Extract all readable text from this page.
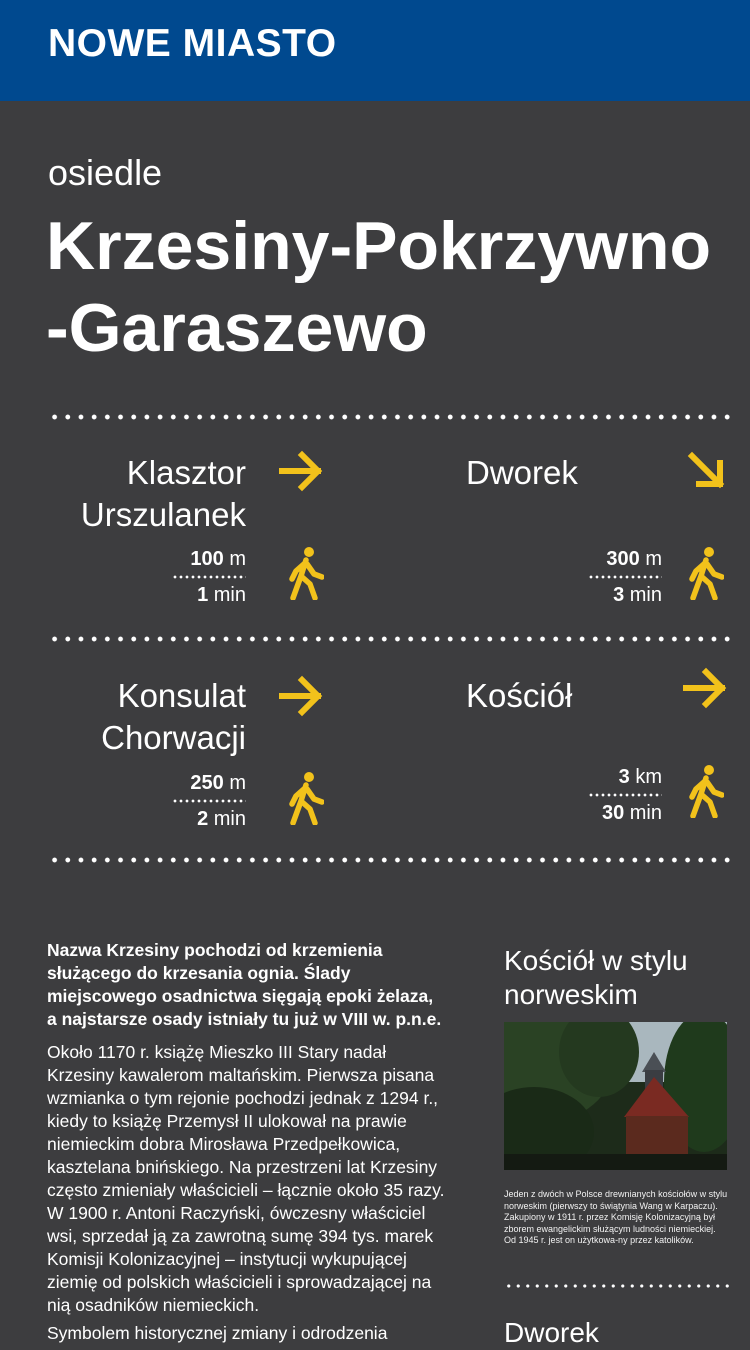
NOWE MIASTO
osiedle
Krzesiny-Pokrzywno
-Garaszewo
Klasztor
Urszulanek
100 m
1 min
Dworek
300 m
3 min
Konsulat
Chorwacji
250 m
2 min
Kościół
3 km
30 min
Nazwa Krzesiny pochodzi od krzemienia służącego do krzesania ognia. Ślady miejscowego osadnictwa sięgają epoki żelaza, a najstarsze osady istniały tu już w VIII w. p.n.e.
Około 1170 r. książę Mieszko III Stary nadał Krzesiny kawalerom maltańskim. Pierwsza pisana wzmianka o tym rejonie pochodzi jednak z 1294 r., kiedy to książę Przemysł II ulokował na prawie niemieckim dobra Mirosława Przedpełkowica, kasztelana bnińskiego. Na przestrzeni lat Krzesiny często zmieniały właścicieli – łącznie około 35 razy. W 1900 r. Antoni Raczyński, ówczesny właściciel wsi, sprzedał ją za zawrotną sumę 394 tys. marek Komisji Kolonizacyjnej – instytucji wykupującej ziemię od polskich właścicieli i sprowadzającej na nią osadników niemieckich.
Symbolem historycznej zmiany i odrodzenia
Kościół w stylu norweskim
Jeden z dwóch w Polsce drewnianych kościołów w stylu norweskim (pierwszy to świątynia Wang w Karpaczu). Zakupiony w 1911 r. przez Komisję Kolonizacyjną był zborem ewangelickim służącym ludności niemieckiej. Od 1945 r. jest on użytkowa-ny przez katolików.
Dworek
